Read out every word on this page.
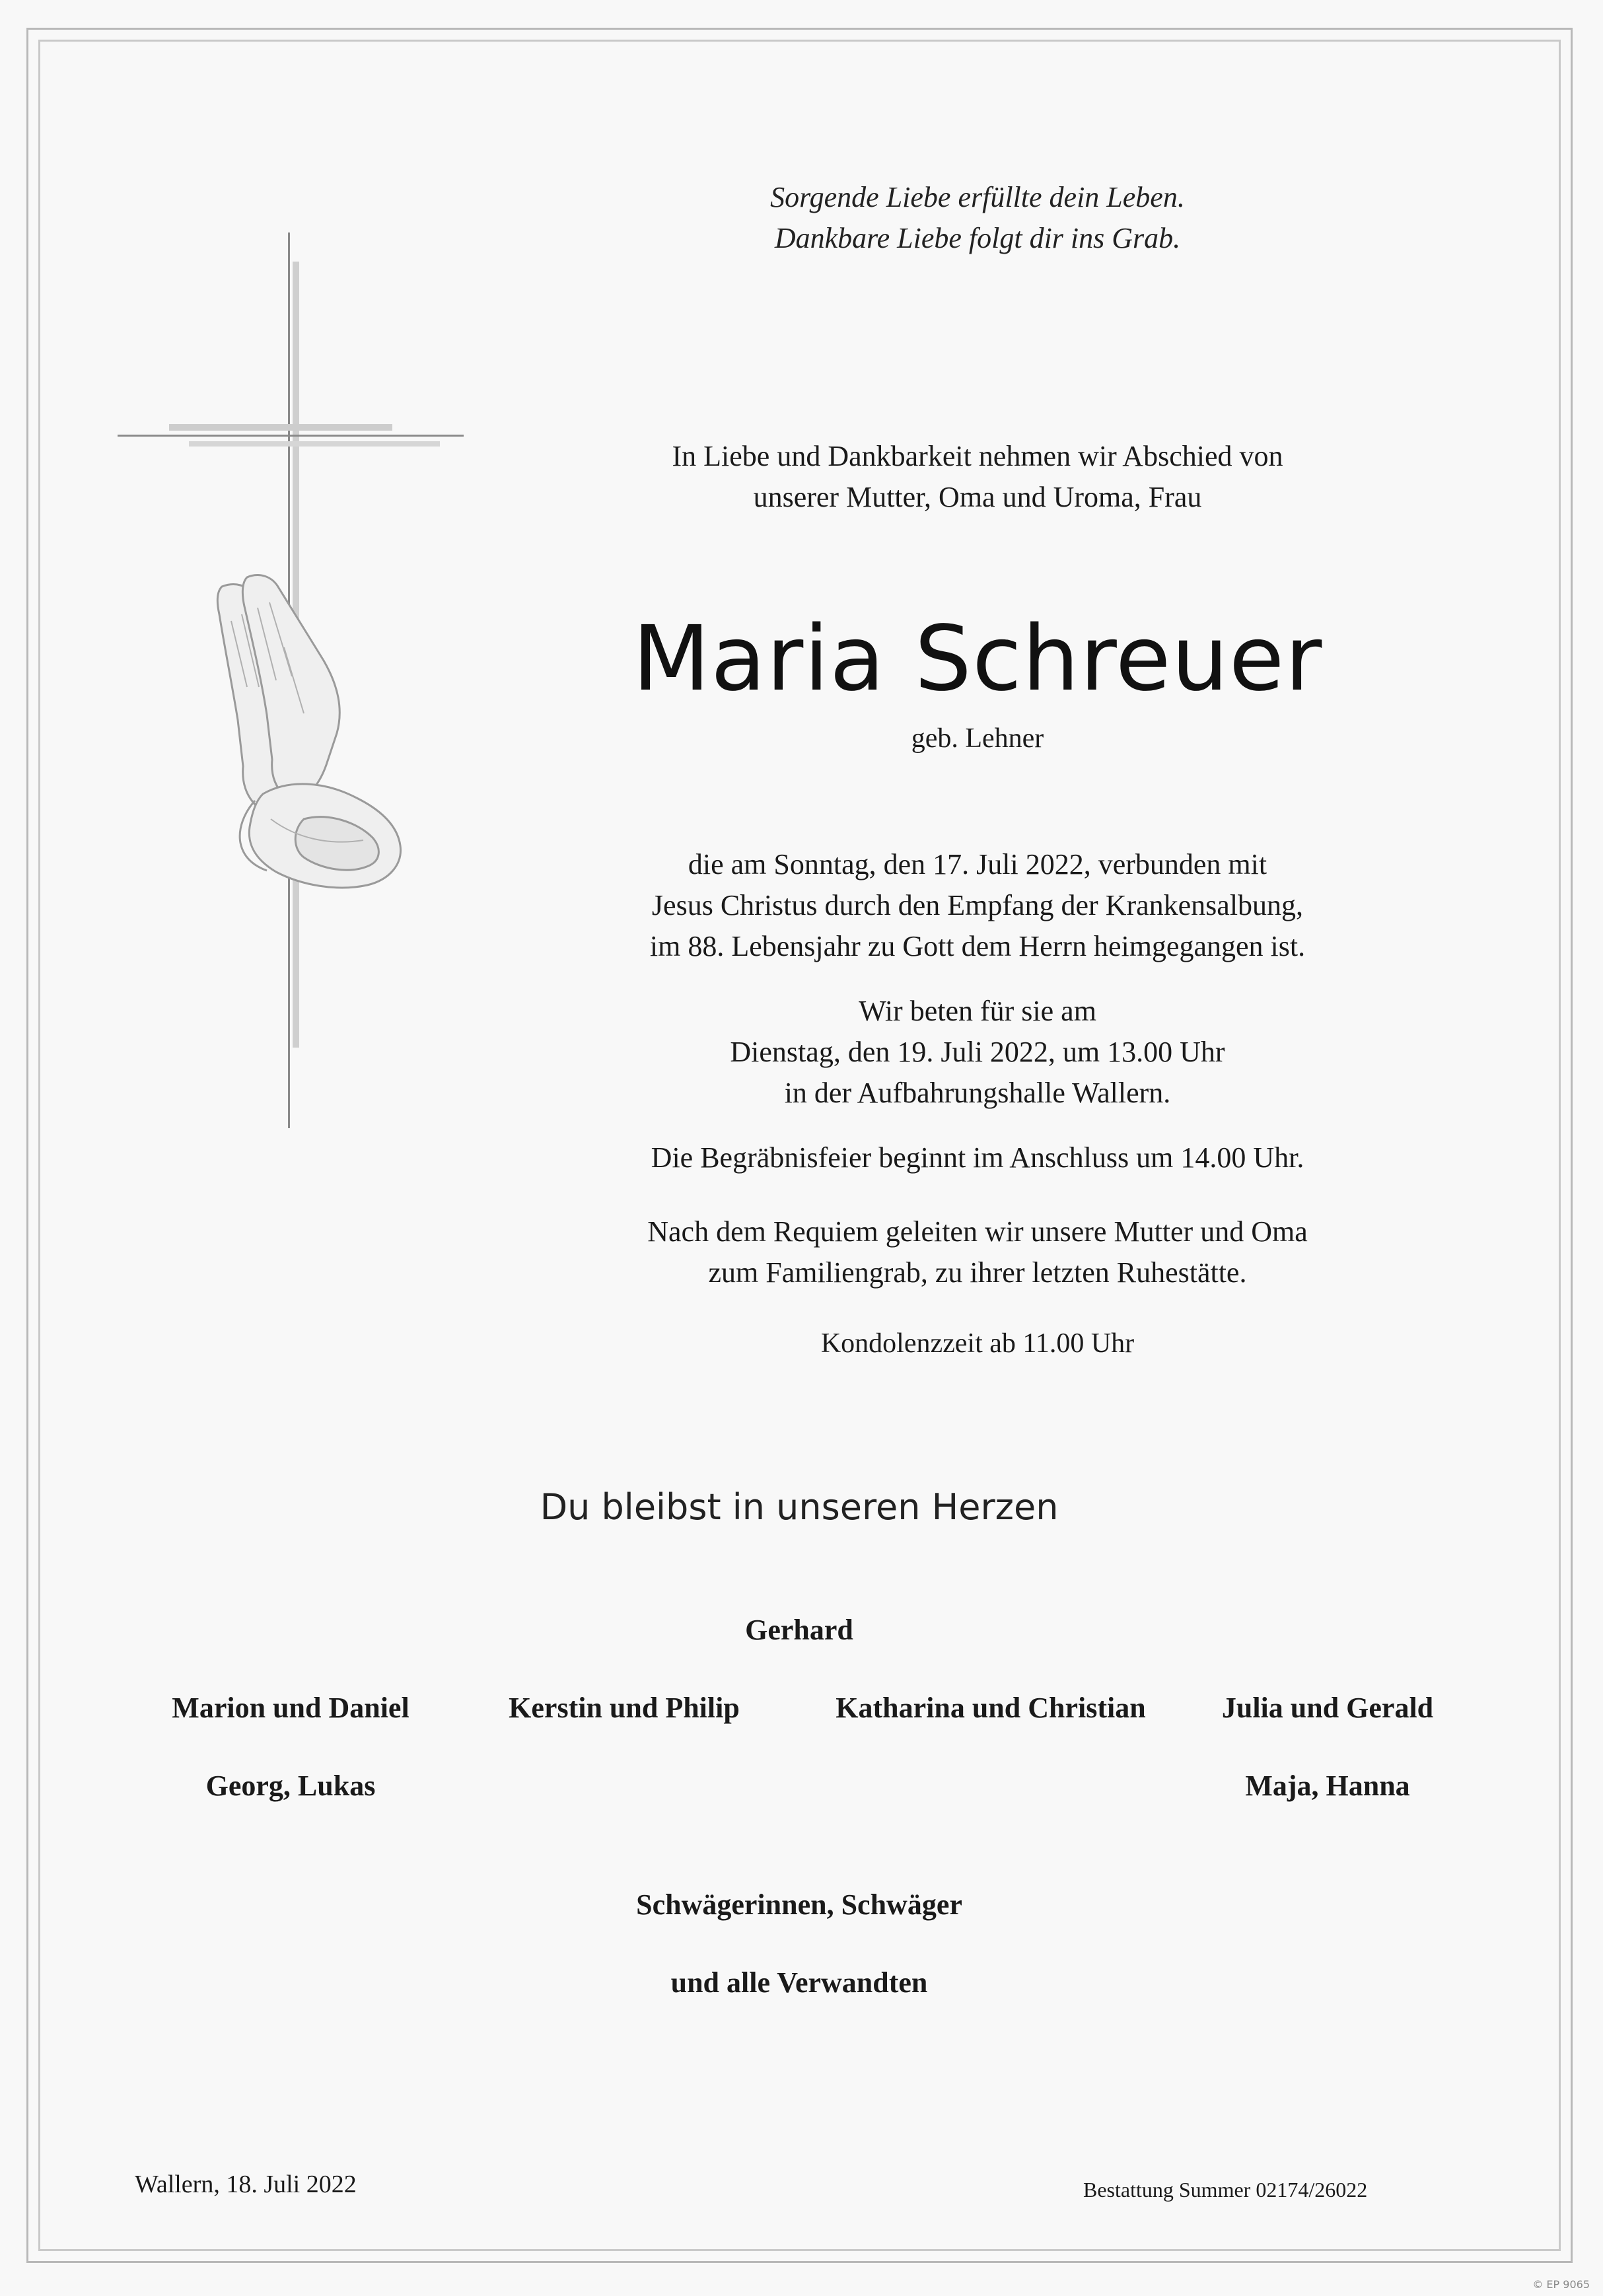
Sorgende Liebe erfüllte dein Leben.
Dankbare Liebe folgt dir ins Grab.
In Liebe und Dankbarkeit nehmen wir Abschied von
unserer Mutter, Oma und Uroma, Frau
Maria Schreuer
geb. Lehner
die am Sonntag, den 17. Juli 2022, verbunden mit
Jesus Christus durch den Empfang der Krankensalbung,
im 88. Lebensjahr zu Gott dem Herrn heimgegangen ist.
Wir beten für sie am
Dienstag, den 19. Juli 2022, um 13.00 Uhr
in der Aufbahrungshalle Wallern.
Die Begräbnisfeier beginnt im Anschluss um 14.00 Uhr.
Nach dem Requiem geleiten wir unsere Mutter und Oma
zum Familiengrab, zu ihrer letzten Ruhestätte.
Kondolenzzeit ab 11.00 Uhr
Du bleibst in unseren Herzen
Gerhard
Marion und Daniel	Kerstin und Philip	Katharina und Christian	Julia und Gerald
Georg, Lukas	Maja, Hanna
Schwägerinnen, Schwäger
und alle Verwandten
Wallern, 18. Juli 2022	Bestattung Summer 02174/26022
© EP 9065
